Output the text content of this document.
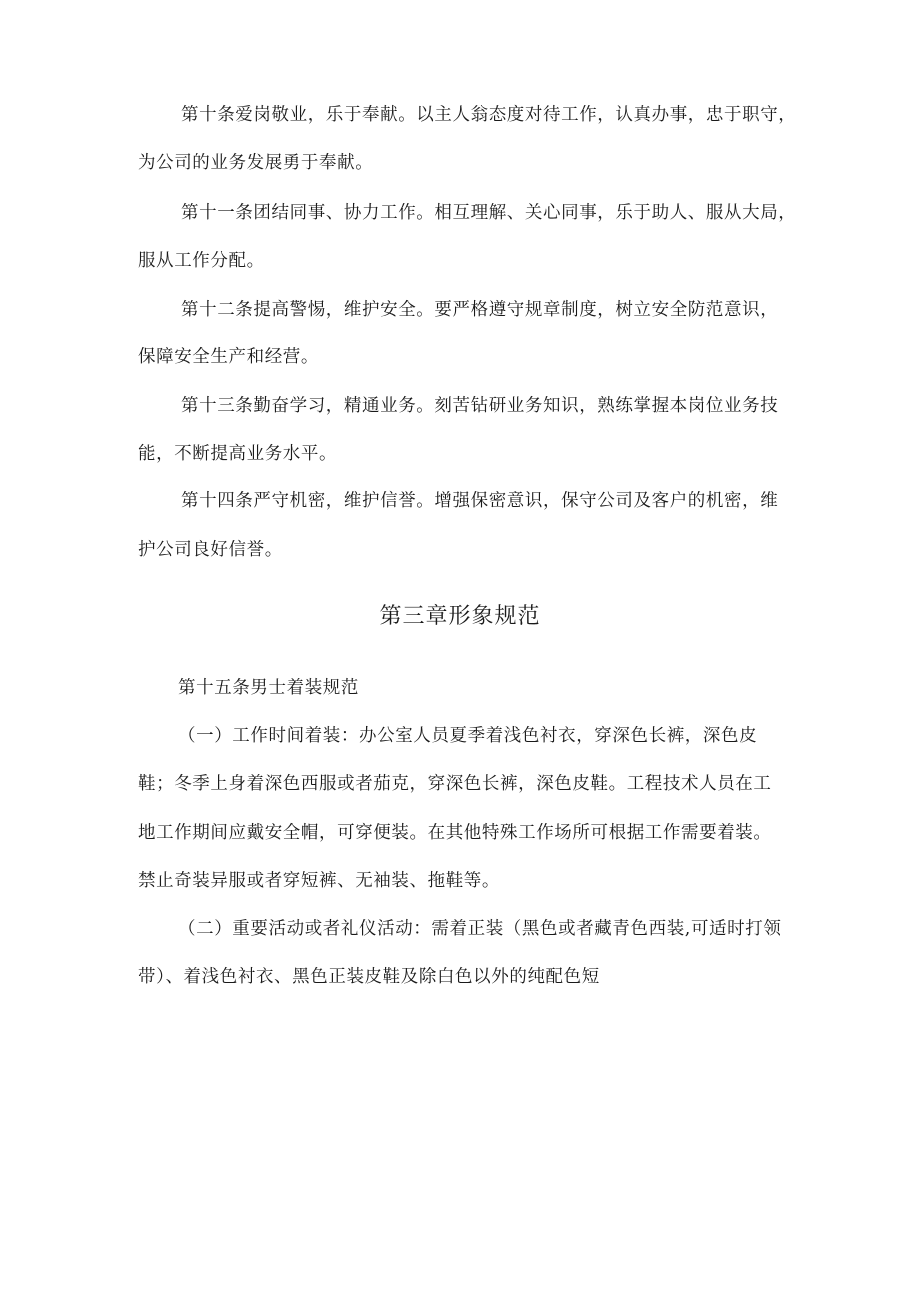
第十条爱岗敬业，乐于奉献。以主人翁态度对待工作，认真办事，忠于职守，
为公司的业务发展勇于奉献。
第十一条团结同事、协力工作。相互理解、关心同事，乐于助人、服从大局，
服从工作分配。
第十二条提高警惕，维护安全。要严格遵守规章制度，树立安全防范意识，
保障安全生产和经营。
第十三条勤奋学习，精通业务。刻苦钻研业务知识，熟练掌握本岗位业务技
能，不断提高业务水平。
第十四条严守机密，维护信誉。增强保密意识，保守公司及客户的机密，维
护公司良好信誉。
第三章形象规范
第十五条男士着装规范
（一）工作时间着装：办公室人员夏季着浅色衬衣，穿深色长裤，深色皮
鞋；冬季上身着深色西服或者茄克，穿深色长裤，深色皮鞋。工程技术人员在工
地工作期间应戴安全帽，可穿便装。在其他特殊工作场所可根据工作需要着装。
禁止奇装异服或者穿短裤、无袖装、拖鞋等。
（二）重要活动或者礼仪活动：需着正装（黑色或者藏青色西装,可适时打领
带）、着浅色衬衣、黑色正装皮鞋及除白色以外的纯配色短
